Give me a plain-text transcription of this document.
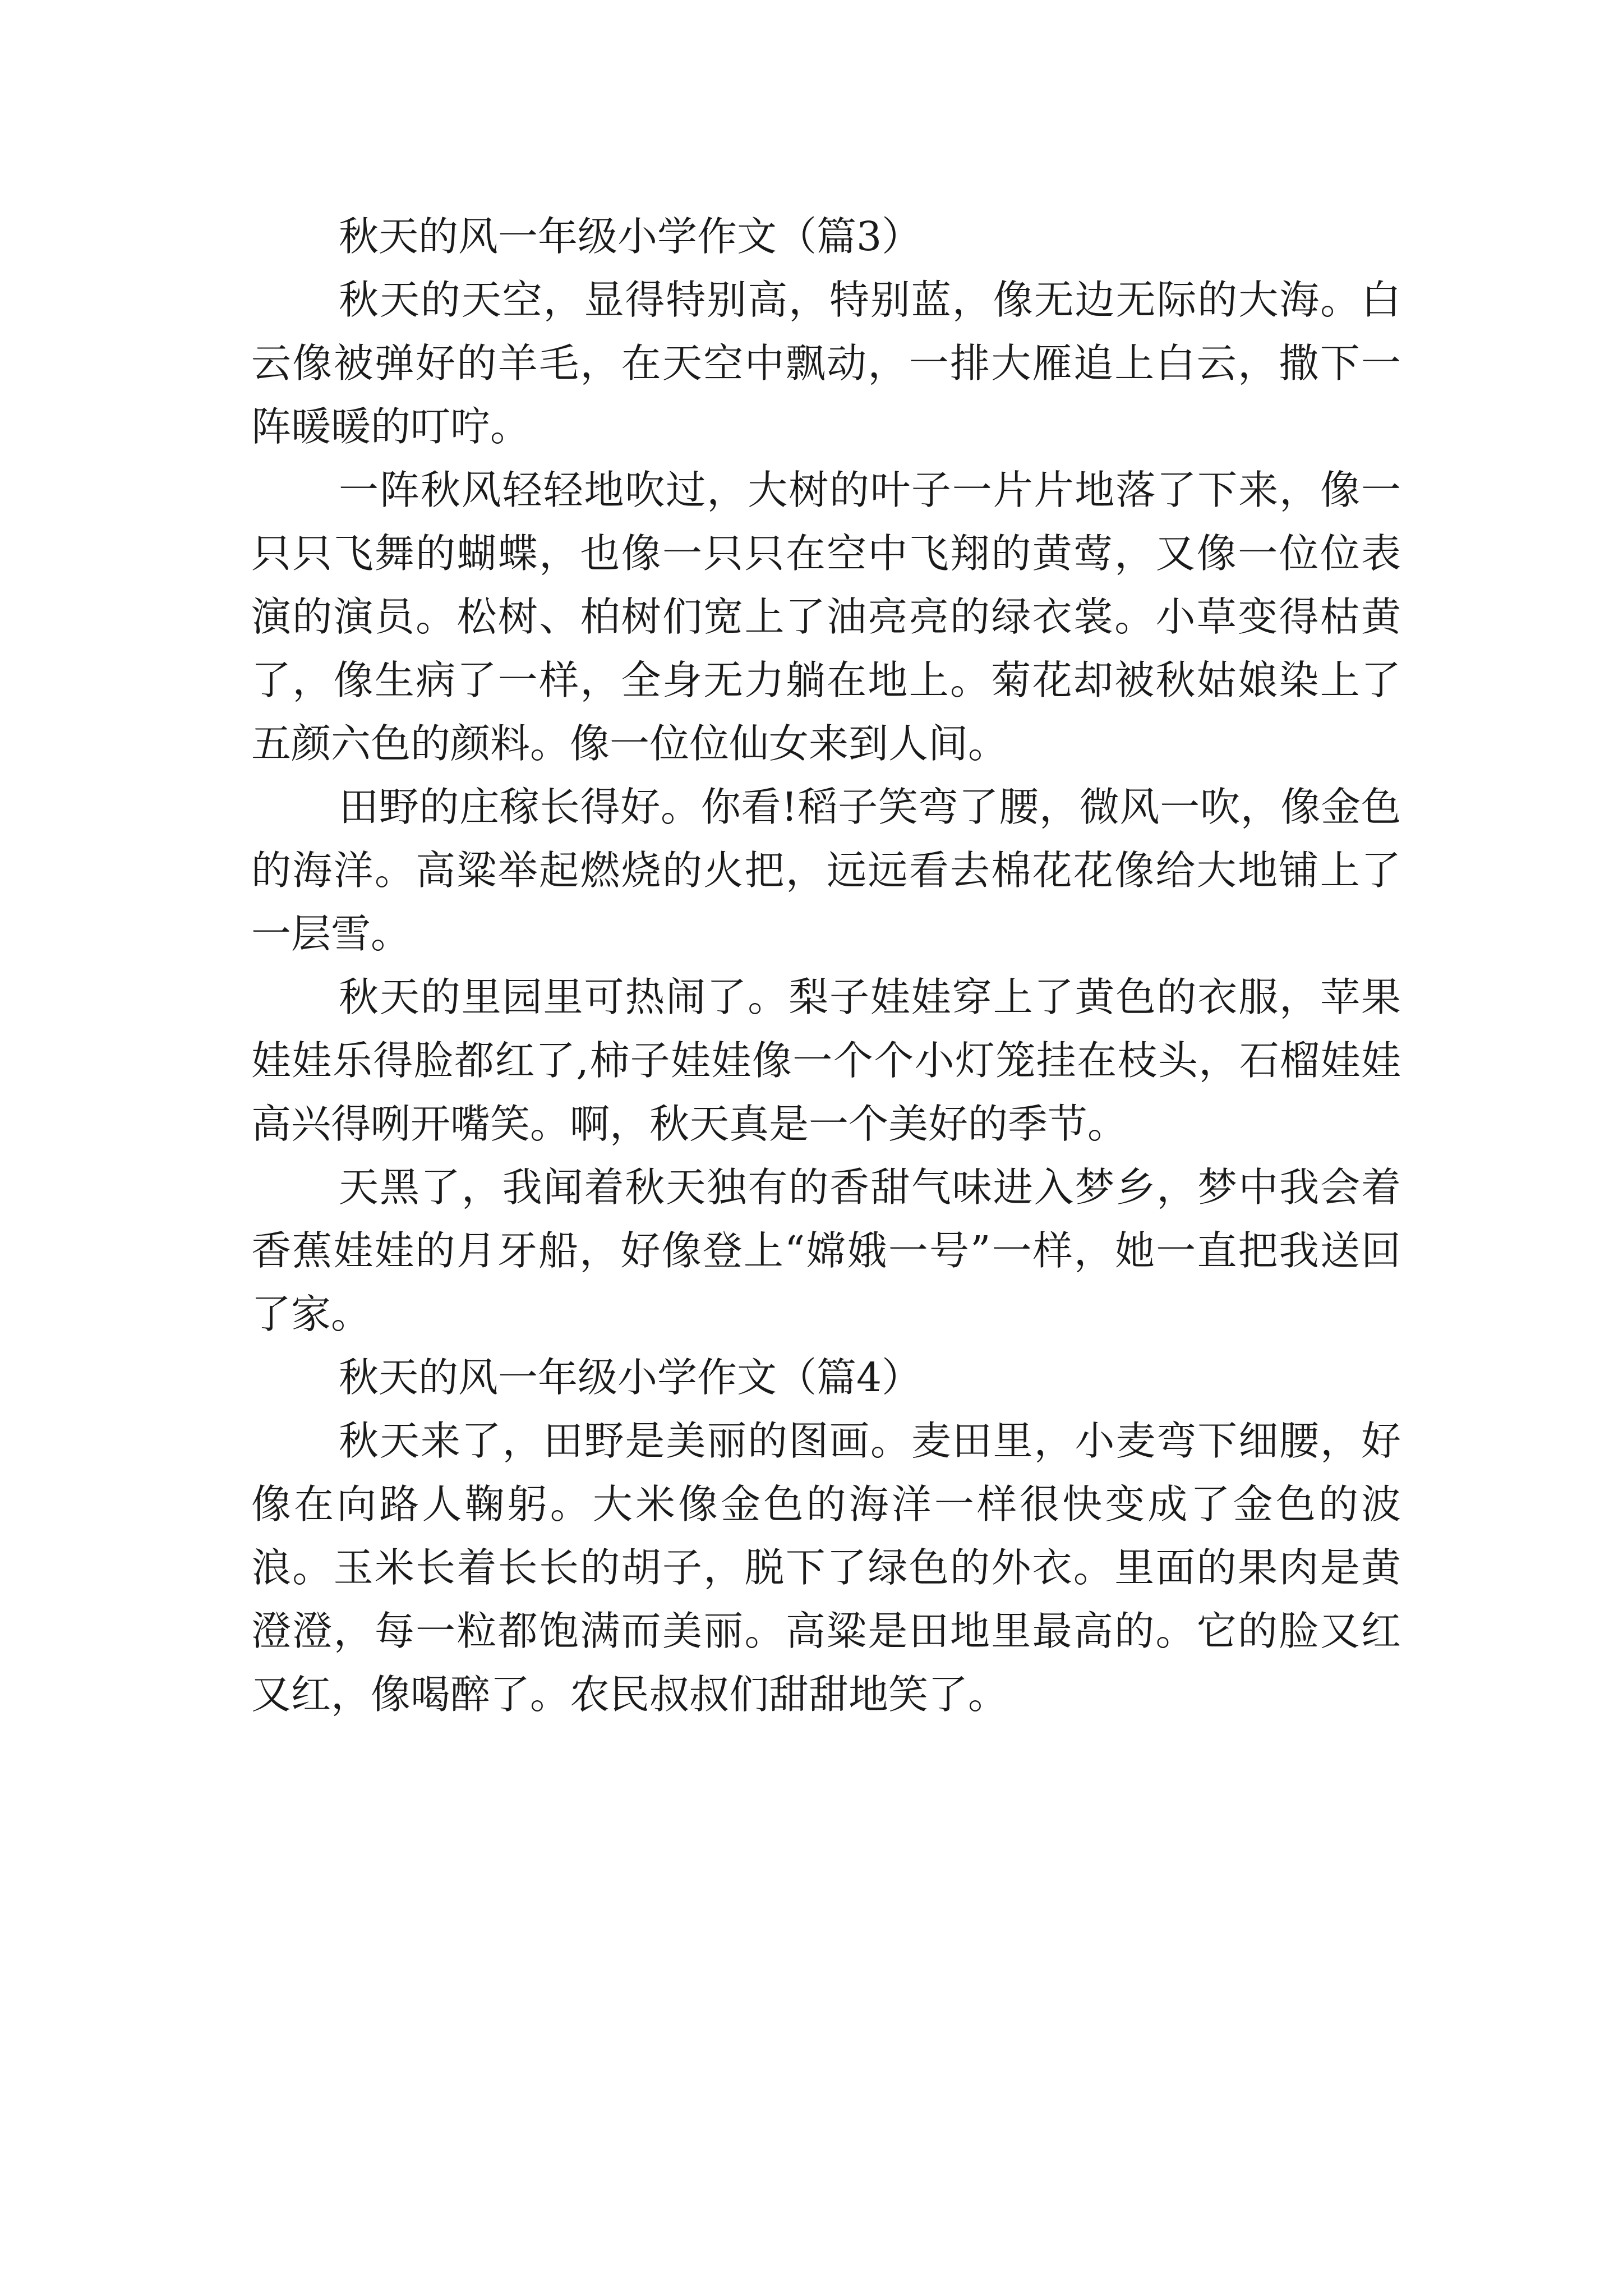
秋天的风一年级小学作文（篇3）

秋天的天空，显得特别高，特别蓝，像无边无际的大海。白云像被弹好的羊毛，在天空中飘动，一排大雁追上白云，撒下一阵暖暖的叮咛。

一阵秋风轻轻地吹过，大树的叶子一片片地落了下来，像一只只飞舞的蝴蝶，也像一只只在空中飞翔的黄莺，又像一位位表演的演员。松树、柏树们宽上了油亮亮的绿衣裳。小草变得枯黄了，像生病了一样，全身无力躺在地上。菊花却被秋姑娘染上了五颜六色的颜料。像一位位仙女来到人间。

田野的庄稼长得好。你看!稻子笑弯了腰，微风一吹，像金色的海洋。高粱举起燃烧的火把，远远看去棉花花像给大地铺上了一层雪。

秋天的里园里可热闹了。梨子娃娃穿上了黄色的衣服，苹果娃娃乐得脸都红了,柿子娃娃像一个个小灯笼挂在枝头，石榴娃娃高兴得咧开嘴笑。啊，秋天真是一个美好的季节。

天黑了，我闻着秋天独有的香甜气味进入梦乡，梦中我会着香蕉娃娃的月牙船，好像登上“嫦娥一号”一样，她一直把我送回了家。

秋天的风一年级小学作文（篇4）

秋天来了，田野是美丽的图画。麦田里，小麦弯下细腰，好像在向路人鞠躬。大米像金色的海洋一样很快变成了金色的波浪。玉米长着长长的胡子，脱下了绿色的外衣。里面的果肉是黄澄澄，每一粒都饱满而美丽。高粱是田地里最高的。它的脸又红又红，像喝醉了。农民叔叔们甜甜地笑了。
